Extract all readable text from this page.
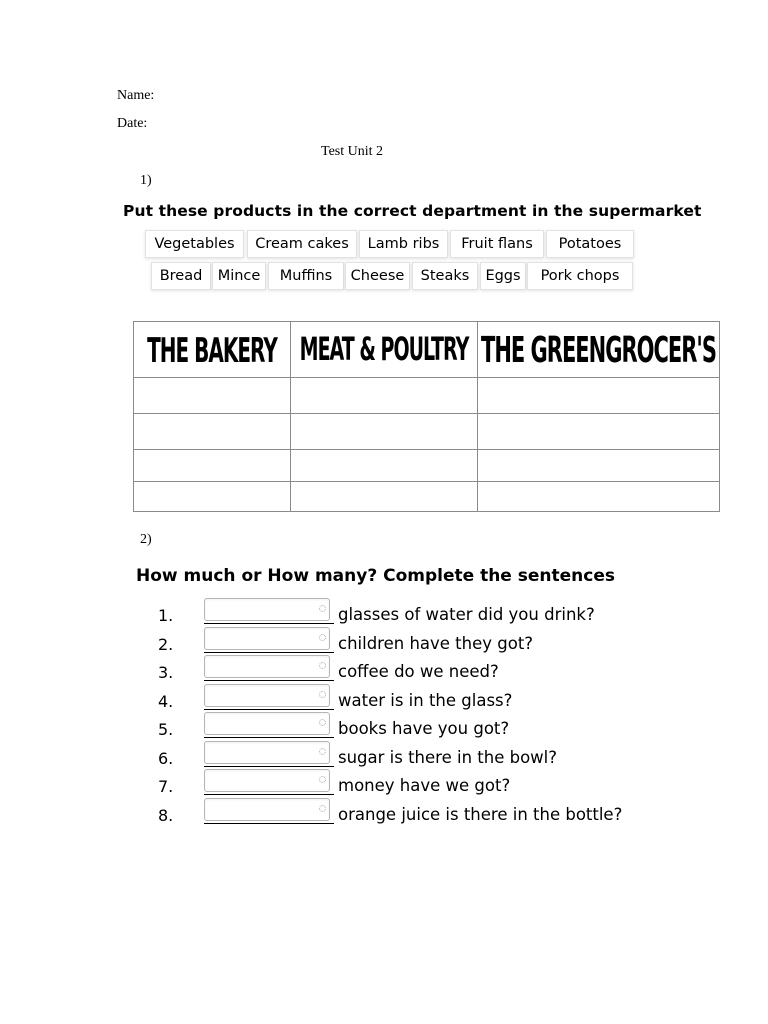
Name:
Date:
Test Unit 2
1)
Put these products in the correct department in the supermarket
Vegetables	Cream cakes	Lamb ribs	Fruit flans	Potatoes
Bread	Mince	Muffins	Cheese	Steaks	Eggs	Pork chops
THE BAKERY	MEAT & POULTRY	THE GREENGROCER'S

2)
How much or How many? Complete the sentences
1.	glasses of water did you drink?
2.	children have they got?
3.	coffee do we need?
4.	water is in the glass?
5.	books have you got?
6.	sugar is there in the bowl?
7.	money have we got?
8.	orange juice is there in the bottle?
